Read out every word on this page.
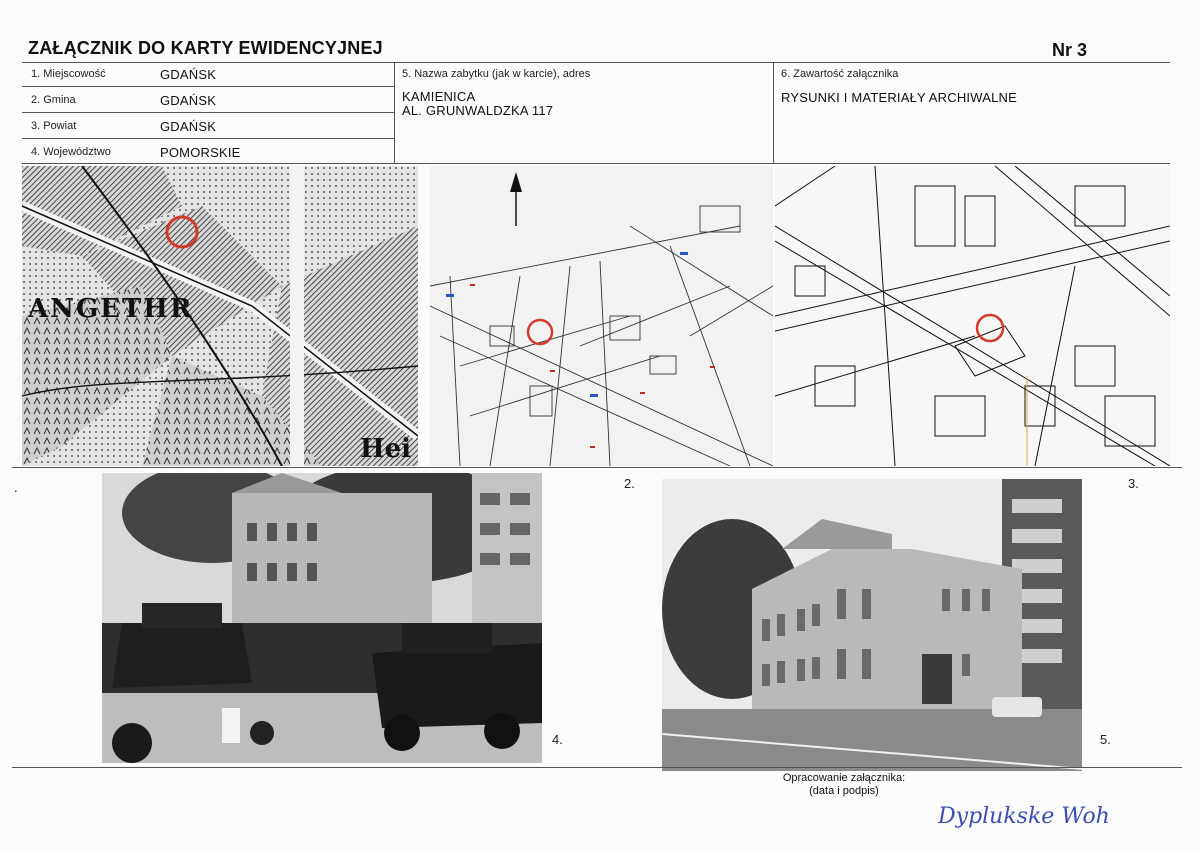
ZAŁĄCZNIK DO KARTY EWIDENCYJNEJ	Nr 3
1. Miejscowość	GDAŃSK
2. Gmina	GDAŃSK
3. Powiat	GDAŃSK
4. Województwo	POMORSKIE
5. Nazwa zabytku (jak w karcie), adres
KAMIENICA
AL. GRUNWALDZKA 117
6. Zawartość załącznika
RYSUNKI I MATERIAŁY ARCHIWALNE
ANGETHR
Hei
.	2.	3.
4.	5.
Opracowanie załącznika:
(data i podpis)
Dyplukske Woh
